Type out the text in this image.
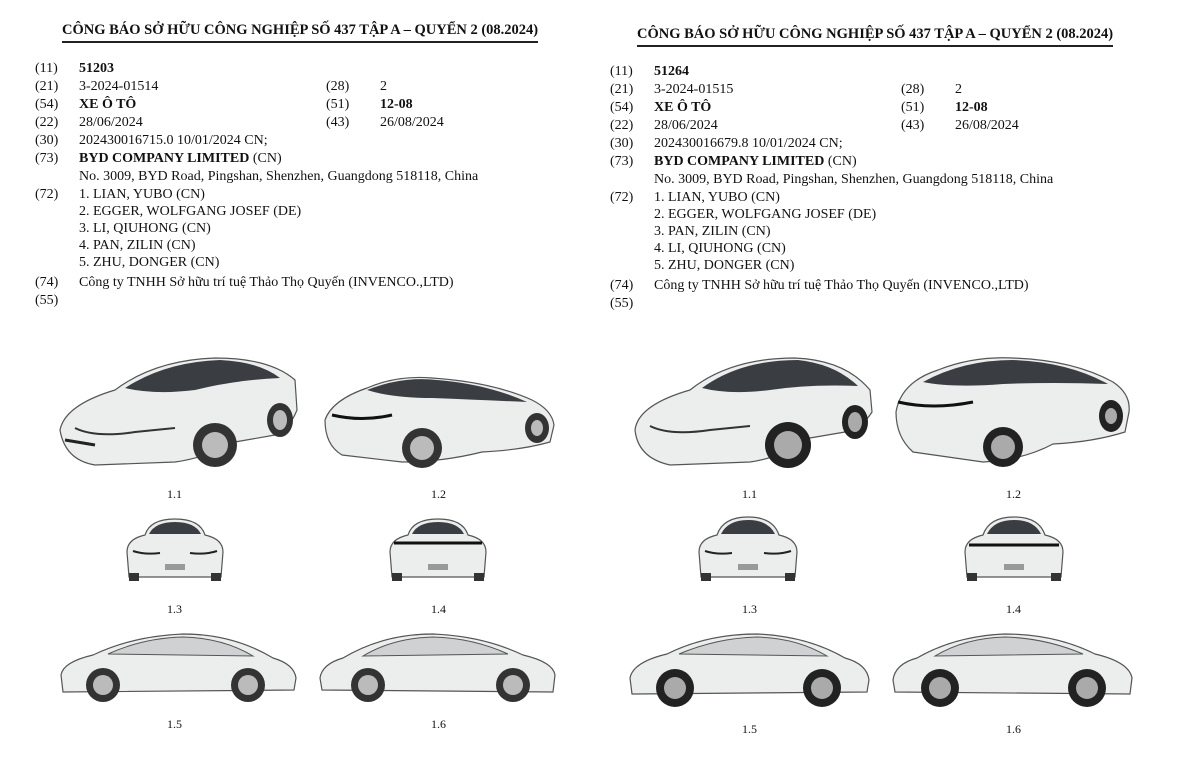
CÔNG BÁO SỞ HỮU CÔNG NGHIỆP SỐ 437 TẬP A – QUYỂN 2 (08.2024)
(11) 51203
(21) 3-2024-01514	(28) 2
(54) XE Ô TÔ	(51) 12-08
(22) 28/06/2024	(43) 26/08/2024
(30) 202430016715.0 10/01/2024 CN;
(73) BYD COMPANY LIMITED (CN)
No. 3009, BYD Road, Pingshan, Shenzhen, Guangdong 518118, China
(72) 1. LIAN, YUBO (CN)
2. EGGER, WOLFGANG JOSEF (DE)
3. LI, QIUHONG (CN)
4. PAN, ZILIN (CN)
5. ZHU, DONGER (CN)
(74) Công ty TNHH Sở hữu trí tuệ Thảo Thọ Quyến (INVENCO.,LTD)
(55)
1.1	1.2
1.3	1.4
1.5	1.6
CÔNG BÁO SỞ HỮU CÔNG NGHIỆP SỐ 437 TẬP A – QUYỂN 2 (08.2024)
(11) 51264
(21) 3-2024-01515	(28) 2
(54) XE Ô TÔ	(51) 12-08
(22) 28/06/2024	(43) 26/08/2024
(30) 202430016679.8 10/01/2024 CN;
(73) BYD COMPANY LIMITED (CN)
No. 3009, BYD Road, Pingshan, Shenzhen, Guangdong 518118, China
(72) 1. LIAN, YUBO (CN)
2. EGGER, WOLFGANG JOSEF (DE)
3. PAN, ZILIN (CN)
4. LI, QIUHONG (CN)
5. ZHU, DONGER (CN)
(74) Công ty TNHH Sở hữu trí tuệ Thảo Thọ Quyến (INVENCO.,LTD)
(55)
1.1	1.2
1.3	1.4
1.5	1.6
